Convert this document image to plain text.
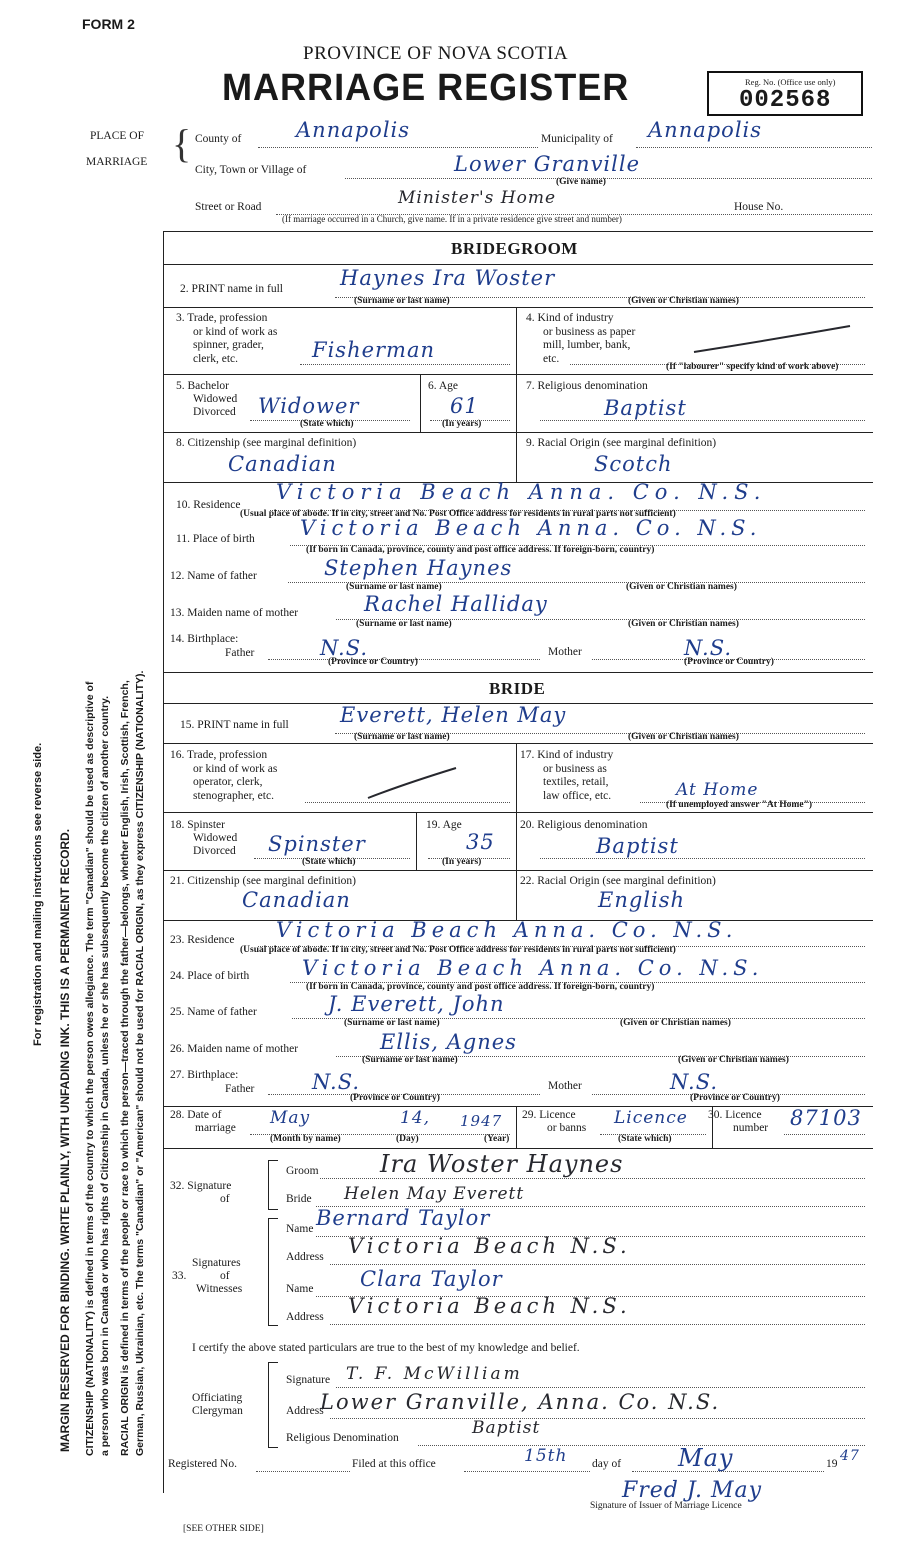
FORM 2
PROVINCE OF NOVA SCOTIA
MARRIAGE REGISTER	Reg. No. (Office use only)
002568
PLACE OF
MARRIAGE { County of	Annapolis	Municipality of Annapolis
City, Town or Village of	Lower Granville
(Give name)
Street or Road	Minister's Home	House No.
(If marriage occurred in a Church, give name. If in a private residence give street and number)
For registration and mailing instructions see reverse side. MARGIN RESERVED FOR BINDING. WRITE PLAINLY, WITH UNFADING INK. THIS IS A PERMANENT RECORD. CITIZENSHIP (NATIONALITY) is defined in terms of the country to which the person owes allegiance. The term "Canadian" should be used as descriptive of a person who was born in Canada or who has rights of Citizenship in Canada, unless he or she has subsequently become the citizen of another country. RACIAL ORIGIN is defined in terms of the people or race to which the person—traced through the father—belongs, whether English, Irish, Scottish, French, German, Russian, Ukrainian, etc. The terms "Canadian" or "American" should not be used for RACIAL ORIGIN, as they express CITIZENSHIP (NATIONALITY).
BRIDEGROOM
2. PRINT name in full	Haynes Ira Woster
(Surname or last name)	(Given or Christian names)
3. Trade, profession
or kind of work as
spinner, grader,
clerk, etc.	Fisherman
4. Kind of industry
or business as paper
mill, lumber, bank,
etc.
(If "labourer" specify kind of work above)
5. Bachelor
Widowed
Divorced Widower
(State which)
6. Age
61
(In years)
7. Religious denomination
Baptist
8. Citizenship (see marginal definition)
Canadian
9. Racial Origin (see marginal definition)
Scotch
10. Residence
Victoria Beach Anna. Co. N.S.
(Usual place of abode. If in city, street and No. Post Office address for residents in rural parts not sufficient)
11. Place of birth Victoria Beach Anna. Co. N.S.
(If born in Canada, province, county and post office address. If foreign-born, country)
12. Name of father	Stephen Haynes
(Surname or last name)	(Given or Christian names)
13. Maiden name of mother	Rachel Halliday
(Surname or last name)	(Given or Christian names)
14. Birthplace:
Father	N.S.
(Province or Country)
Mother	N.S.
(Province or Country)
BRIDE
15. PRINT name in full Everett, Helen May
(Surname or last name)	(Given or Christian names)
16. Trade, profession
or kind of work as
operator, clerk,
stenographer, etc.
17. Kind of industry
or business as
textiles, retail,
law office, etc.	At Home
(If unemployed answer "At Home")
18. Spinster
Widowed
Divorced Spinster
(State which)
19. Age
35
(In years)
20. Religious denomination
Baptist
21. Citizenship (see marginal definition)
Canadian
22. Racial Origin (see marginal definition)
English
23. Residence Victoria Beach Anna. Co. N.S.
(Usual place of abode. If in city, street and No. Post Office address for residents in rural parts not sufficient)
24. Place of birth	Victoria Beach Anna. Co. N.S.
(If born in Canada, province, county and post office address. If foreign-born, country)
25. Name of father	J. Everett, John
(Surname or last name)	(Given or Christian names)
26. Maiden name of mother	Ellis, Agnes
(Surname or last name)	(Given or Christian names)
27. Birthplace:
Father	N.S.
(Province or Country)
Mother	N.S.
(Province or Country)
28. Date of
marriage May	14, 1947
(Month by name)	(Day)	(Year)
29. Licence
or banns Licence
(State which)
30. Licence
number 87103
32. Signature
of
Groom	Ira Woster Haynes
Bride Helen May Everett
Signatures
33.	of
Witnesses
Name Bernard Taylor
Address Victoria Beach N.S.
Name Clara Taylor
Address Victoria Beach N.S.
I certify the above stated particulars are true to the best of my knowledge and belief.
Officiating
Clergyman
Signature T. F. McWilliam
Address
Lower Granville, Anna. Co. N.S.
Religious Denomination	Baptist
Registered No.	Filed at this office	15th day of May	19 47
Fred J. May
Signature of Issuer of Marriage Licence
[SEE OTHER SIDE]
